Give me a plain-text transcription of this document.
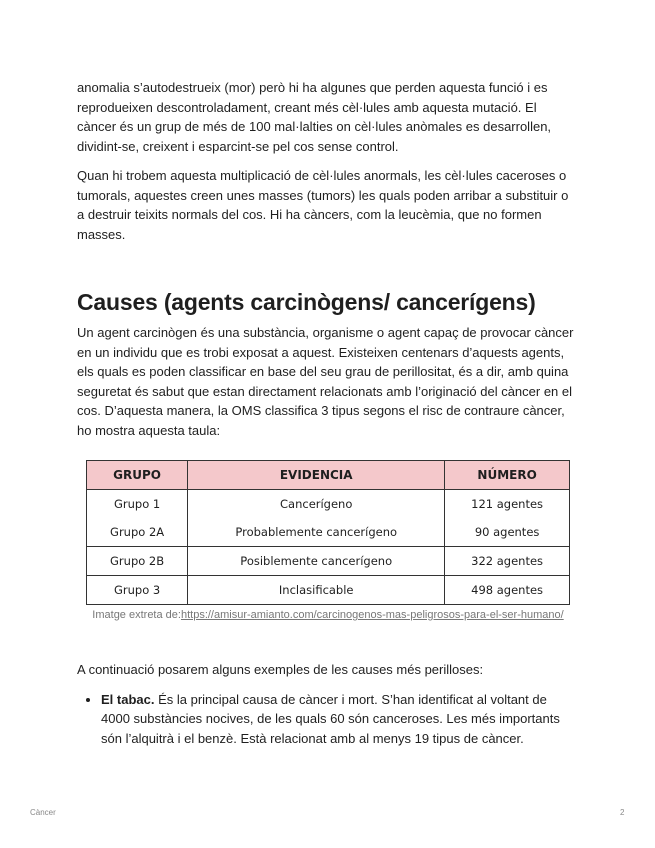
anomalia s’autodestrueix (mor) però hi ha algunes que perden aquesta funció i es reprodueixen descontroladament, creant més cèl·lules amb aquesta mutació. El càncer és un grup de més de 100 mal·lalties on cèl·lules anòmales es desarrollen, dividint-se, creixent i esparcint-se pel cos sense control.

Quan hi trobem aquesta multiplicació de cèl·lules anormals, les cèl·lules caceroses o tumorals, aquestes creen unes masses (tumors) les quals poden arribar a substituir o a destruir teixits normals del cos. Hi ha càncers, com la leucèmia, que no formen masses.

Causes (agents carcinògens/ cancerígens)

Un agent carcinògen és una substància, organisme o agent capaç de provocar càncer en un individu que es trobi exposat a aquest. Existeixen centenars d’aquests agents, els quals es poden classificar en base del seu grau de perillositat, és a dir, amb quina seguretat és sabut que estan directament relacionats amb l’originació del càncer en el cos. D’aquesta manera, la OMS classifica 3 tipus segons el risc de contraure càncer, ho mostra aquesta taula:

GRUPO	EVIDENCIA	NÚMERO
Grupo 1	Cancerígeno	121 agentes
Grupo 2A	Probablemente cancerígeno	90 agentes
Grupo 2B	Posiblemente cancerígeno	322 agentes
Grupo 3	Inclasificable	498 agentes
Imatge extreta de:https://amisur-amianto.com/carcinogenos-mas-peligrosos-para-el-ser-humano/

A continuació posarem alguns exemples de les causes més perilloses:

• El tabac. És la principal causa de càncer i mort. S’han identificat al voltant de 4000 substàncies nocives, de les quals 60 són canceroses. Les més importants són l’alquitrà i el benzè. Està relacionat amb al menys 19 tipus de càncer.
Càncer	2
